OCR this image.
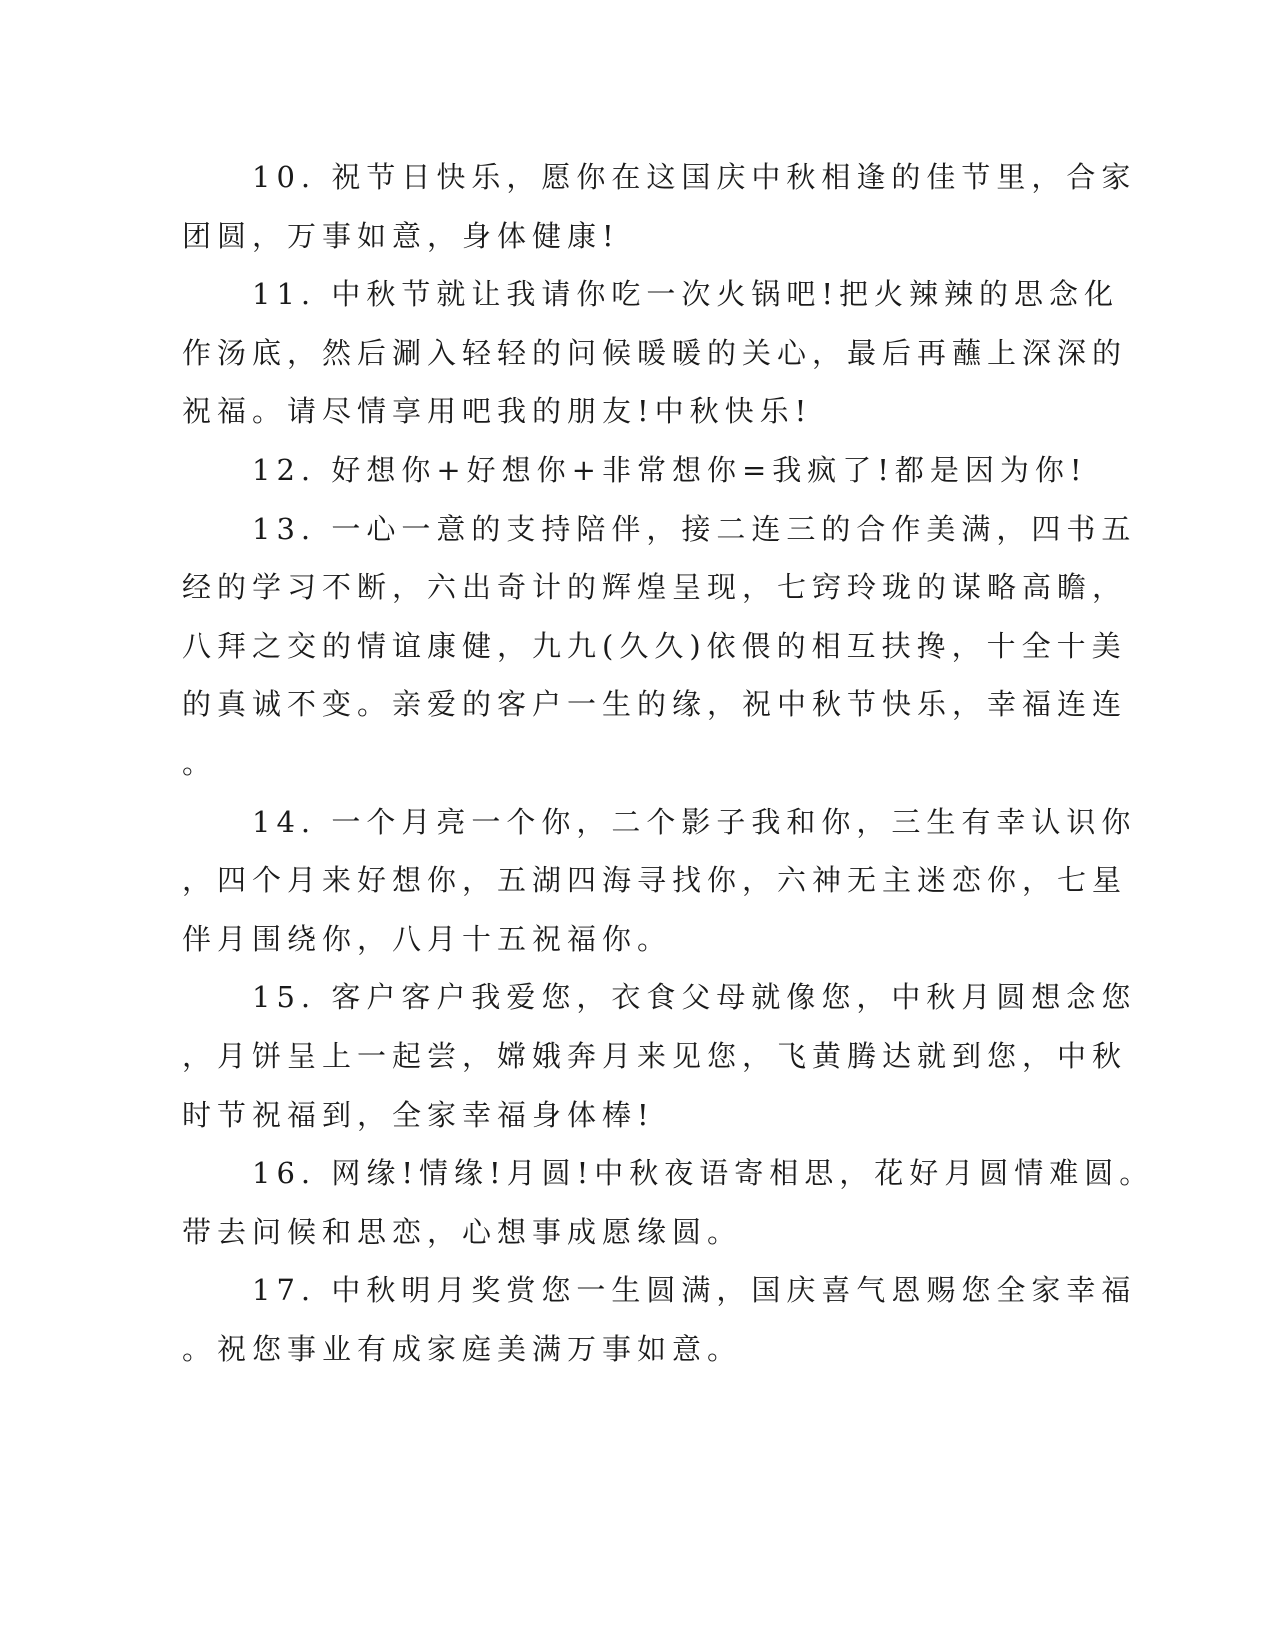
10. 祝节日快乐，愿你在这国庆中秋相逢的佳节里，合家
团圆，万事如意，身体健康!
11. 中秋节就让我请你吃一次火锅吧!把火辣辣的思念化
作汤底，然后涮入轻轻的问候暖暖的关心，最后再蘸上深深的
祝福。请尽情享用吧我的朋友!中秋快乐!
12. 好想你+好想你+非常想你=我疯了!都是因为你!
13. 一心一意的支持陪伴，接二连三的合作美满，四书五
经的学习不断，六出奇计的辉煌呈现，七窍玲珑的谋略高瞻，
八拜之交的情谊康健，九九(久久)依偎的相互扶搀，十全十美
的真诚不变。亲爱的客户一生的缘，祝中秋节快乐，幸福连连
。
14. 一个月亮一个你，二个影子我和你，三生有幸认识你
，四个月来好想你，五湖四海寻找你，六神无主迷恋你，七星
伴月围绕你，八月十五祝福你。
15. 客户客户我爱您，衣食父母就像您，中秋月圆想念您
，月饼呈上一起尝，嫦娥奔月来见您，飞黄腾达就到您，中秋
时节祝福到，全家幸福身体棒!
16. 网缘!情缘!月圆!中秋夜语寄相思，花好月圆情难圆。
带去问候和思恋，心想事成愿缘圆。
17. 中秋明月奖赏您一生圆满，国庆喜气恩赐您全家幸福
。祝您事业有成家庭美满万事如意。
